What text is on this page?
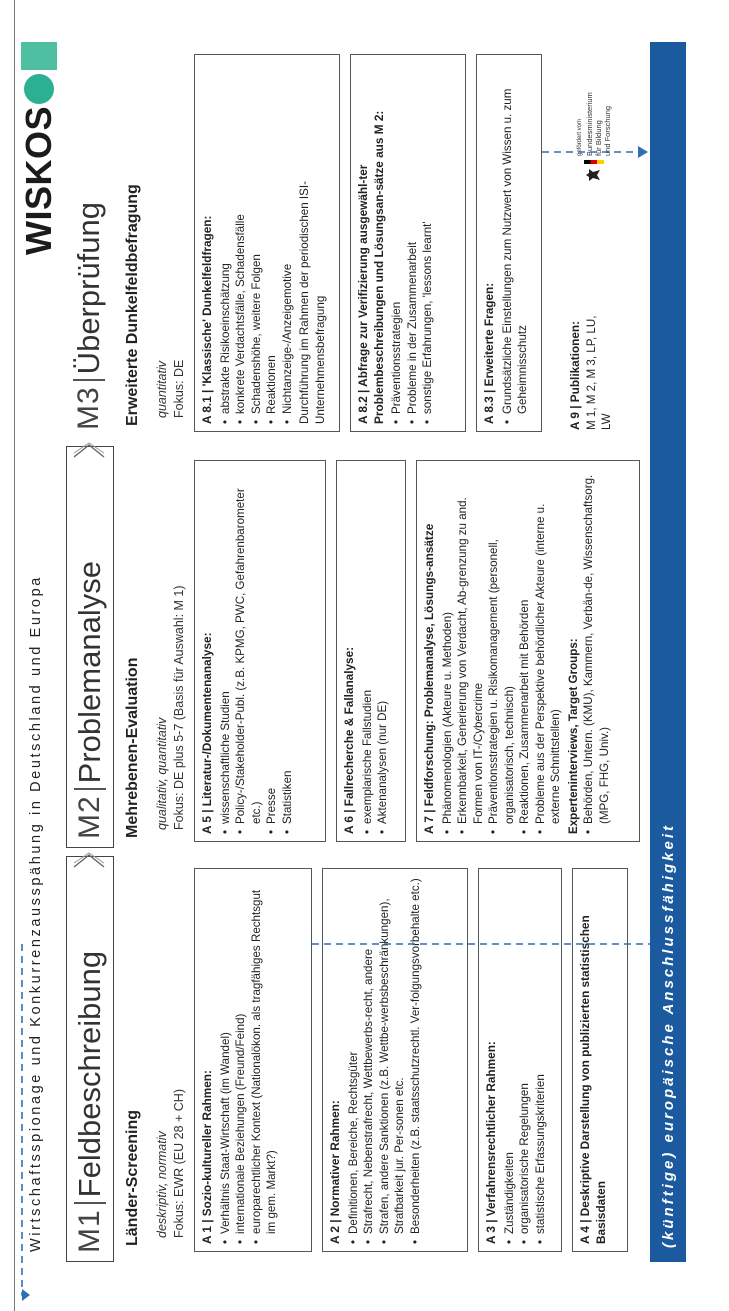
Wirtschaftsspionage und Konkurrenzausspähung in Deutschland und Europa
WISKOS
M1
Feldbeschreibung
M2
Problemanalyse
M3
Überprüfung
Länder-Screening deskriptiv, normativ Fokus: EWR (EU 28 + CH) A 1 | Sozio-kultureller Rahmen: • Verhältnis Staat-Wirtschaft (im Wandel) • internationale Beziehungen (Freund/Feind) • europarechtlicher Kontext (Nationalökon. als tragfähiges Rechtsgut im gem. Markt?)	A 2 | Normativer Rahmen: • Definitionen, Bereiche, Rechtsgüter • Strafrecht, Nebenstrafrecht, Wettbewerbs-recht, andere • Strafen, andere Sanktionen (z.B. Wettbe-werbsbeschränkungen), Strafbarkeit jur. Per-sonen etc. • Besonderheiten (z.B. staatsschutzrechtl. Ver-folgungsvorbehalte etc.)	A 3 | Verfahrensrechtlicher Rahmen: • Zuständigkeiten • organisatorische Regelungen • statistische Erfassungskriterien	A 4 | Deskriptive Darstellung von publizierten statistischen Basisdaten
Mehrebenen-Evaluation qualitativ, quantitativ Fokus: DE plus 5-7 (Basis für Auswahl: M 1) A 5 | Literatur-/Dokumentenanalyse: • wissenschaftliche Studien • Policy-/Stakeholder-Publ. (z.B. KPMG, PWC, Gefahrenbarometer etc.) • Presse • Statistiken	A 6 | Fallrecherche & Fallanalyse: • exemplarische Fallstudien • Aktenanalysen (nur DE)	A 7 | Feldforschung: Problemanalyse, Lösungs-ansätze • Phänomenologien (Akteure u. Methoden) • Erkennbarkeit, Generierung von Verdacht, Ab-grenzung zu and. Formen von IT-/Cybercrime • Präventionsstrategien u. Risikomanagement (personell, organisatorisch, technisch) • Reaktionen, Zusammenarbeit mit Behörden • Probleme aus der Perspektive behördlicher Akteure (interne u. externe Schnittstellen) Experteninterviews, Target Groups: • Behörden, Untern. (KMU), Kammern, Verbän-de, Wissenschaftsorg. (MPG, FHG, Univ.)
Erweiterte Dunkelfeldbefragung quantitativ Fokus: DE A 8.1 | 'Klassische' Dunkelfeldfragen: • abstrakte Risikoeinschätzung • konkrete Verdachtsfälle, Schadensfälle • Schadenshöhe, weitere Folgen • Reaktionen • Nichtanzeige-/Anzeigemotive Durchführung im Rahmen der periodischen ISI-Unternehmensbefragung	A 8.2 | Abfrage zur Verifizierung ausgewähl-ter Problembeschreibungen und Lösungsan-sätze aus M 2: • Präventionsstrategien • Probleme in der Zusammenarbeit • sonstige Erfahrungen, 'lessons learnt'	A 8.3 | Erweiterte Fragen: • Grundsätzliche Einstellungen zum Nutzwert von Wissen u. zum Geheimnisschutz	A 9 | Publikationen: M 1, M 2, M 3, LP, LU, LW
gefördert vom Bundesministerium für Bildung und Forschung
(künftige) europäische Anschlussfähigkeit
